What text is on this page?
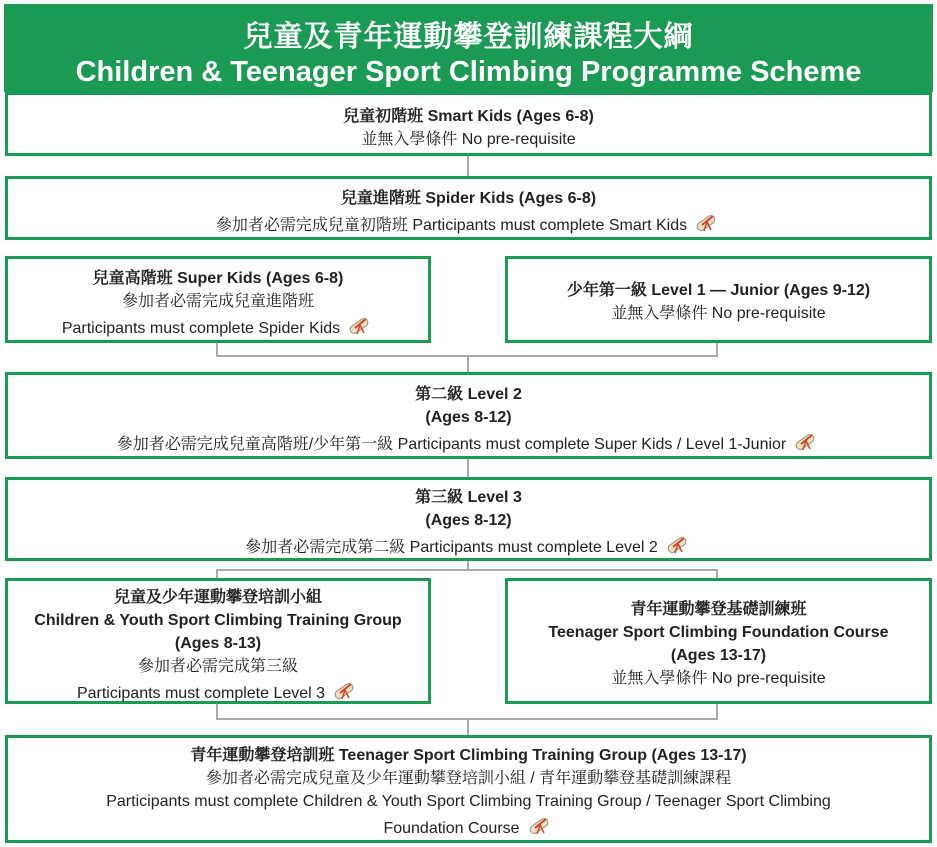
兒童及青年運動攀登訓練課程大綱
Children & Teenager Sport Climbing Programme Scheme
兒童初階班 Smart Kids (Ages 6-8)
並無入學條件 No pre-requisite
兒童進階班 Spider Kids (Ages 6-8)
參加者必需完成兒童初階班 Participants must complete Smart Kids
兒童高階班 Super Kids (Ages 6-8)
參加者必需完成兒童進階班
Participants must complete Spider Kids
少年第一級 Level 1 — Junior (Ages 9-12)
並無入學條件 No pre-requisite
第二級 Level 2
(Ages 8-12)
參加者必需完成兒童高階班/少年第一級 Participants must complete Super Kids / Level 1-Junior
第三級 Level 3
(Ages 8-12)
參加者必需完成第二級 Participants must complete Level 2
兒童及少年運動攀登培訓小組
Children & Youth Sport Climbing Training Group
(Ages 8-13)
參加者必需完成第三級
Participants must complete Level 3
青年運動攀登基礎訓練班
Teenager Sport Climbing Foundation Course
(Ages 13-17)
並無入學條件 No pre-requisite
青年運動攀登培訓班 Teenager Sport Climbing Training Group (Ages 13-17)
參加者必需完成兒童及少年運動攀登培訓小組 / 青年運動攀登基礎訓練課程
Participants must complete Children & Youth Sport Climbing Training Group / Teenager Sport Climbing
Foundation Course
